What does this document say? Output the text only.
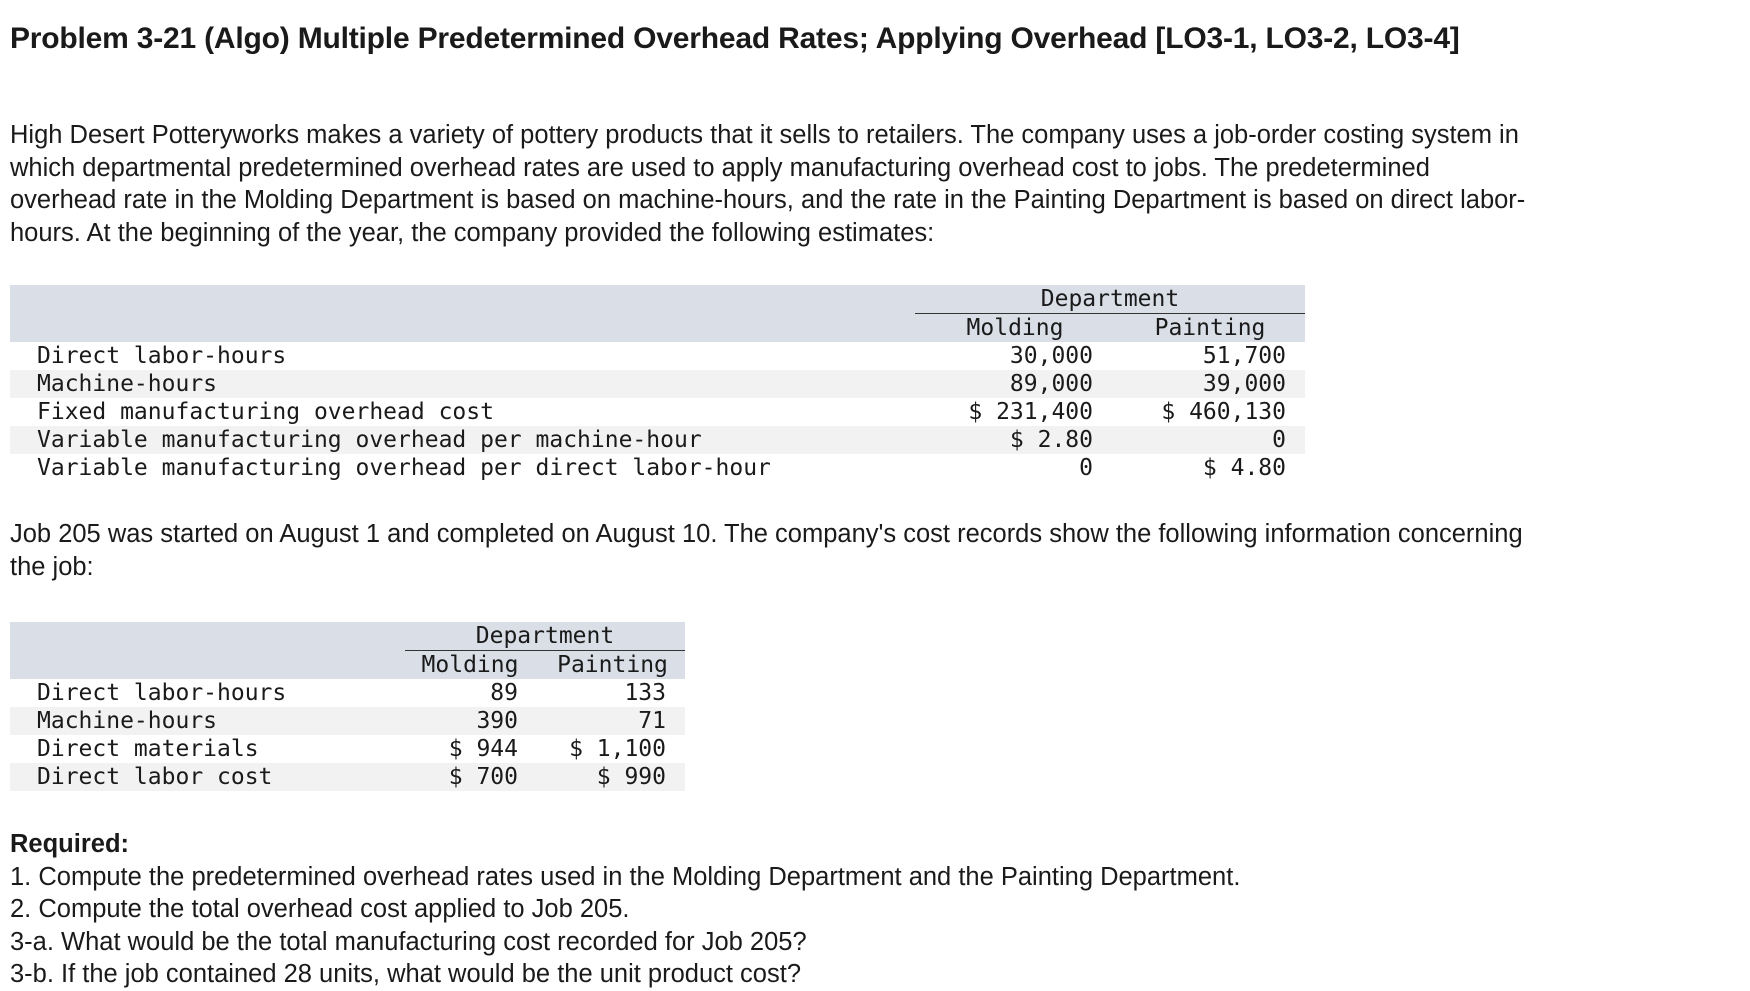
Problem 3-21 (Algo) Multiple Predetermined Overhead Rates; Applying Overhead [LO3-1, LO3-2, LO3-4]
High Desert Potteryworks makes a variety of pottery products that it sells to retailers. The company uses a job-order costing system in
which departmental predetermined overhead rates are used to apply manufacturing overhead cost to jobs. The predetermined
overhead rate in the Molding Department is based on machine-hours, and the rate in the Painting Department is based on direct labor-
hours. At the beginning of the year, the company provided the following estimates:
Department
Molding	Painting
Direct labor-hours	30,000	51,700
Machine-hours	89,000	39,000
Fixed manufacturing overhead cost	$ 231,400	$ 460,130
Variable manufacturing overhead per machine-hour	$ 2.80	0
Variable manufacturing overhead per direct labor-hour	0	$ 4.80
Job 205 was started on August 1 and completed on August 10. The company's cost records show the following information concerning
the job:
Department
Molding	Painting
Direct labor-hours	89	133
Machine-hours	390	71
Direct materials	$ 944	$ 1,100
Direct labor cost	$ 700	$ 990
Required:
1. Compute the predetermined overhead rates used in the Molding Department and the Painting Department.
2. Compute the total overhead cost applied to Job 205.
3-a. What would be the total manufacturing cost recorded for Job 205?
3-b. If the job contained 28 units, what would be the unit product cost?
